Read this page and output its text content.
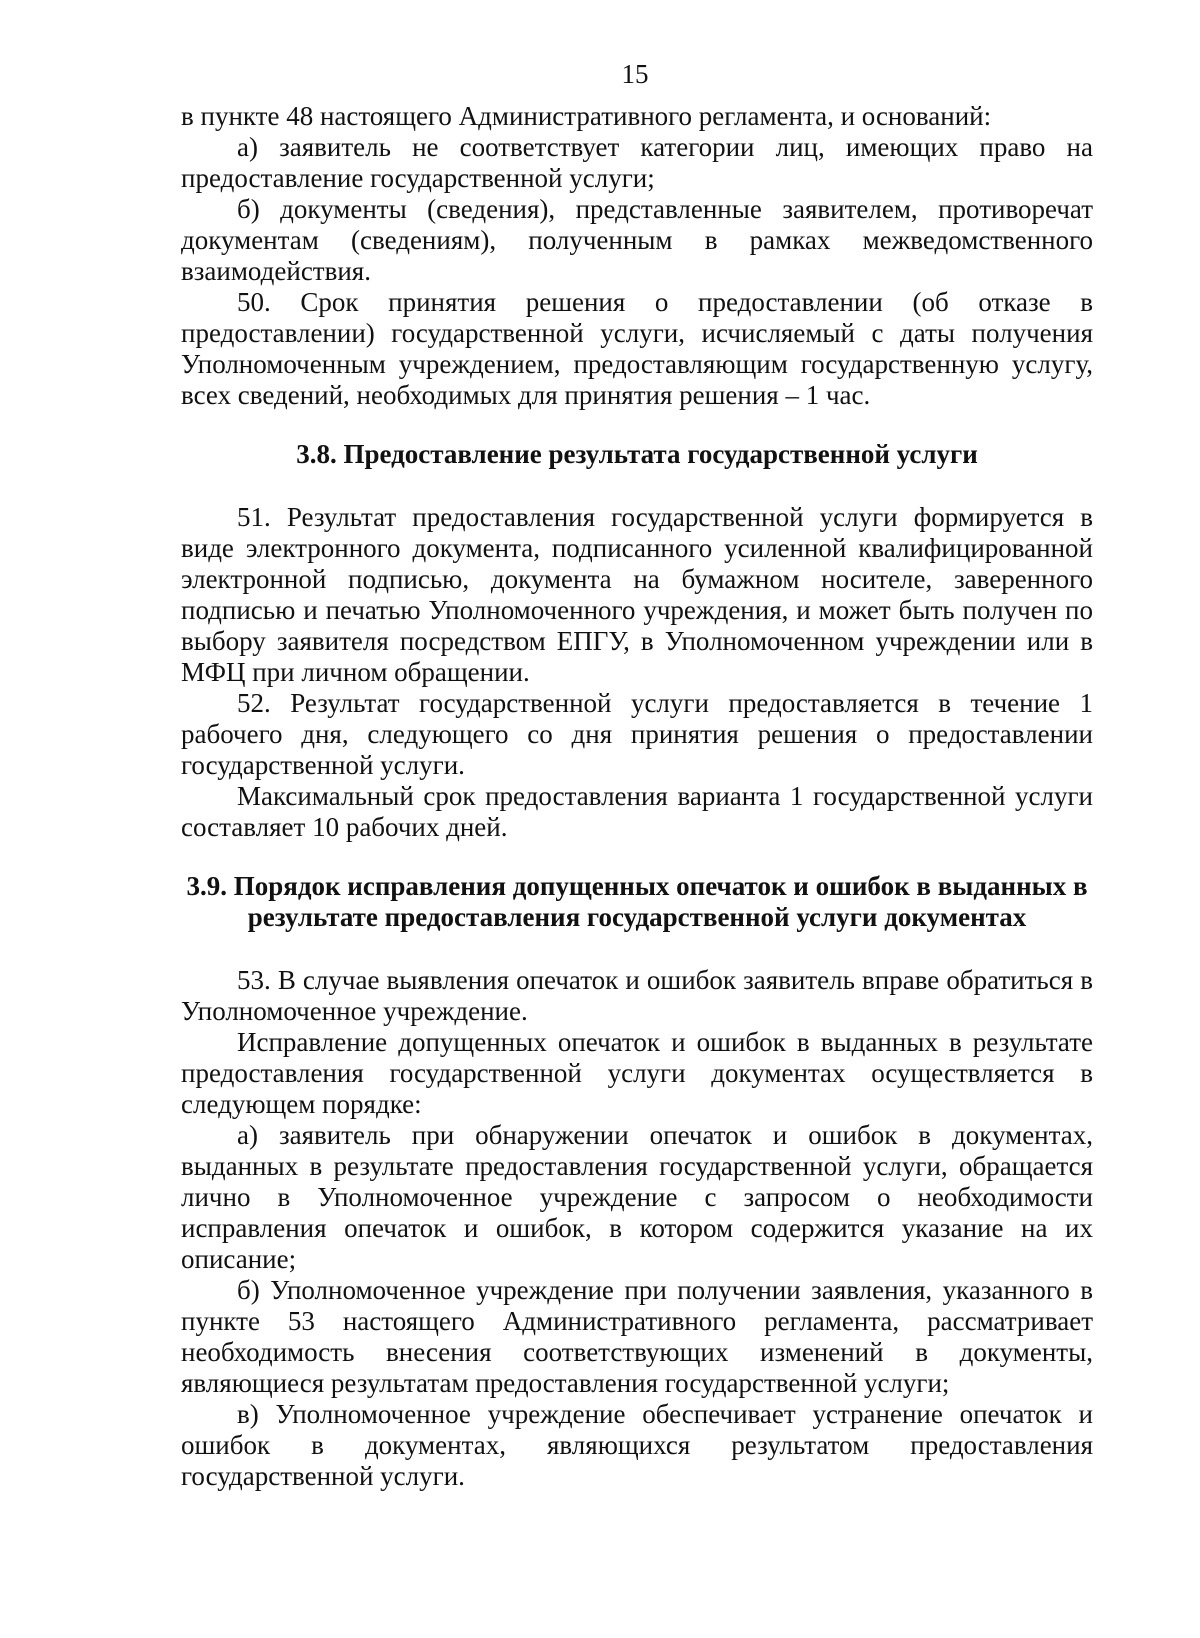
15

в пункте 48 настоящего Административного регламента, и оснований:

а) заявитель не соответствует категории лиц, имеющих право на предоставление государственной услуги;

б) документы (сведения), представленные заявителем, противоречат документам (сведениям), полученным в рамках межведомственного взаимодействия.

50. Срок принятия решения о предоставлении (об отказе в предоставлении) государственной услуги, исчисляемый с даты получения Уполномоченным учреждением, предоставляющим государственную услугу, всех сведений, необходимых для принятия решения – 1 час.

3.8. Предоставление результата государственной услуги

51. Результат предоставления государственной услуги формируется в виде электронного документа, подписанного усиленной квалифицированной электронной подписью, документа на бумажном носителе, заверенного подписью и печатью Уполномоченного учреждения, и может быть получен по выбору заявителя посредством ЕПГУ, в Уполномоченном учреждении или в МФЦ при личном обращении.

52. Результат государственной услуги предоставляется в течение 1 рабочего дня, следующего со дня принятия решения о предоставлении государственной услуги.

Максимальный срок предоставления варианта 1 государственной услуги составляет 10 рабочих дней.

3.9. Порядок исправления допущенных опечаток и ошибок в выданных в результате предоставления государственной услуги документах

53. В случае выявления опечаток и ошибок заявитель вправе обратиться в Уполномоченное учреждение.

Исправление допущенных опечаток и ошибок в выданных в результате предоставления государственной услуги документах осуществляется в следующем порядке:

а) заявитель при обнаружении опечаток и ошибок в документах, выданных в результате предоставления государственной услуги, обращается лично в Уполномоченное учреждение с запросом о необходимости исправления опечаток и ошибок, в котором содержится указание на их описание;

б) Уполномоченное учреждение при получении заявления, указанного в пункте 53 настоящего Административного регламента, рассматривает необходимость внесения соответствующих изменений в документы, являющиеся результатам предоставления государственной услуги;

в) Уполномоченное учреждение обеспечивает устранение опечаток и ошибок в документах, являющихся результатом предоставления государственной услуги.
